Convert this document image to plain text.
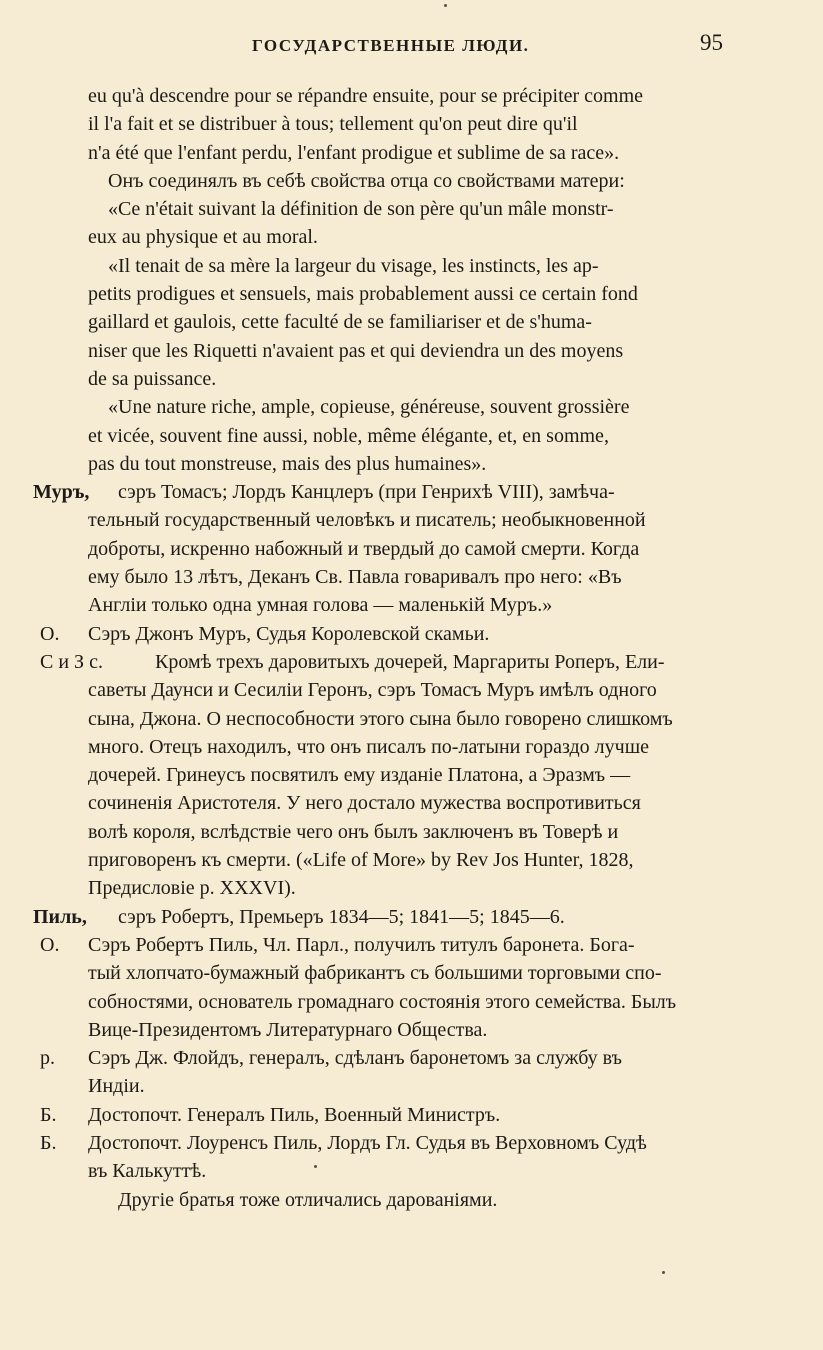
ГОСУДАРСТВЕННЫЕ ЛЮДИ.	95
eu qu'à descendre pour se répandre ensuite, pour se précipiter comme
il l'a fait et se distribuer à tous; tellement qu'on peut dire qu'il
n'a été que l'enfant perdu, l'enfant prodigue et sublime de sa race».
Онъ соединялъ въ себѣ свойства отца со свойствами матери:
«Ce n'était suivant la définition de son père qu'un mâle monstr-
eux au physique et au moral.
«Il tenait de sa mère la largeur du visage, les instincts, les ap-
petits prodigues et sensuels, mais probablement aussi ce certain fond
gaillard et gaulois, cette faculté de se familiariser et de s'huma-
niser que les Riquetti n'avaient pas et qui deviendra un des moyens
de sa puissance.
«Une nature riche, ample, copieuse, généreuse, souvent grossière
et vicée, souvent fine aussi, noble, même élégante, et, en somme,
pas du tout monstreuse, mais des plus humaines».
Муръ, сэръ Томасъ; Лордъ Канцлеръ (при Генрихѣ VIII), замѣча-
тельный государственный человѣкъ и писатель; необыкновенной
доброты, искренно набожный и твердый до самой смерти. Когда
ему было 13 лѣтъ, Деканъ Св. Павла говаривалъ про него: «Въ
Англіи только одна умная голова — маленькій Муръ.»
О.	Сэръ Джонъ Муръ, Судья Королевской скамьи.
С и З с.	Кромѣ трехъ даровитыхъ дочерей, Маргариты Роперъ, Ели-
саветы Даунси и Сесиліи Геронъ, сэръ Томасъ Муръ имѣлъ одного
сына, Джона. О неспособности этого сына было говорено слишкомъ
много. Отецъ находилъ, что онъ писалъ по-латыни гораздо лучше
дочерей. Гринеусъ посвятилъ ему изданіе Платона, а Эразмъ —
сочиненія Аристотеля. У него достало мужества воспротивиться
волѣ короля, вслѣдствіе чего онъ былъ заключенъ въ Товерѣ и
приговоренъ къ смерти. («Life of More» by Rev Jos Hunter, 1828,
Предисловіе р. XXXVI).
Пиль, сэръ Робертъ, Премьеръ 1834—5; 1841—5; 1845—6.
О.	Сэръ Робертъ Пиль, Чл. Парл., получилъ титулъ баронета. Бога-
тый хлопчато-бумажный фабрикантъ съ большими торговыми спо-
собностями, основатель громаднаго состоянія этого семейства. Былъ
Вице-Президентомъ Литературнаго Общества.
р.	Сэръ Дж. Флойдъ, генералъ, сдѣланъ баронетомъ за службу въ
Индіи.
Б.	Достопочт. Генералъ Пиль, Военный Министръ.
Б.	Достопочт. Лоуренсъ Пиль, Лордъ Гл. Судья въ Верховномъ Судѣ
въ Калькуттѣ.
Другіе братья тоже отличались дарованіями.
